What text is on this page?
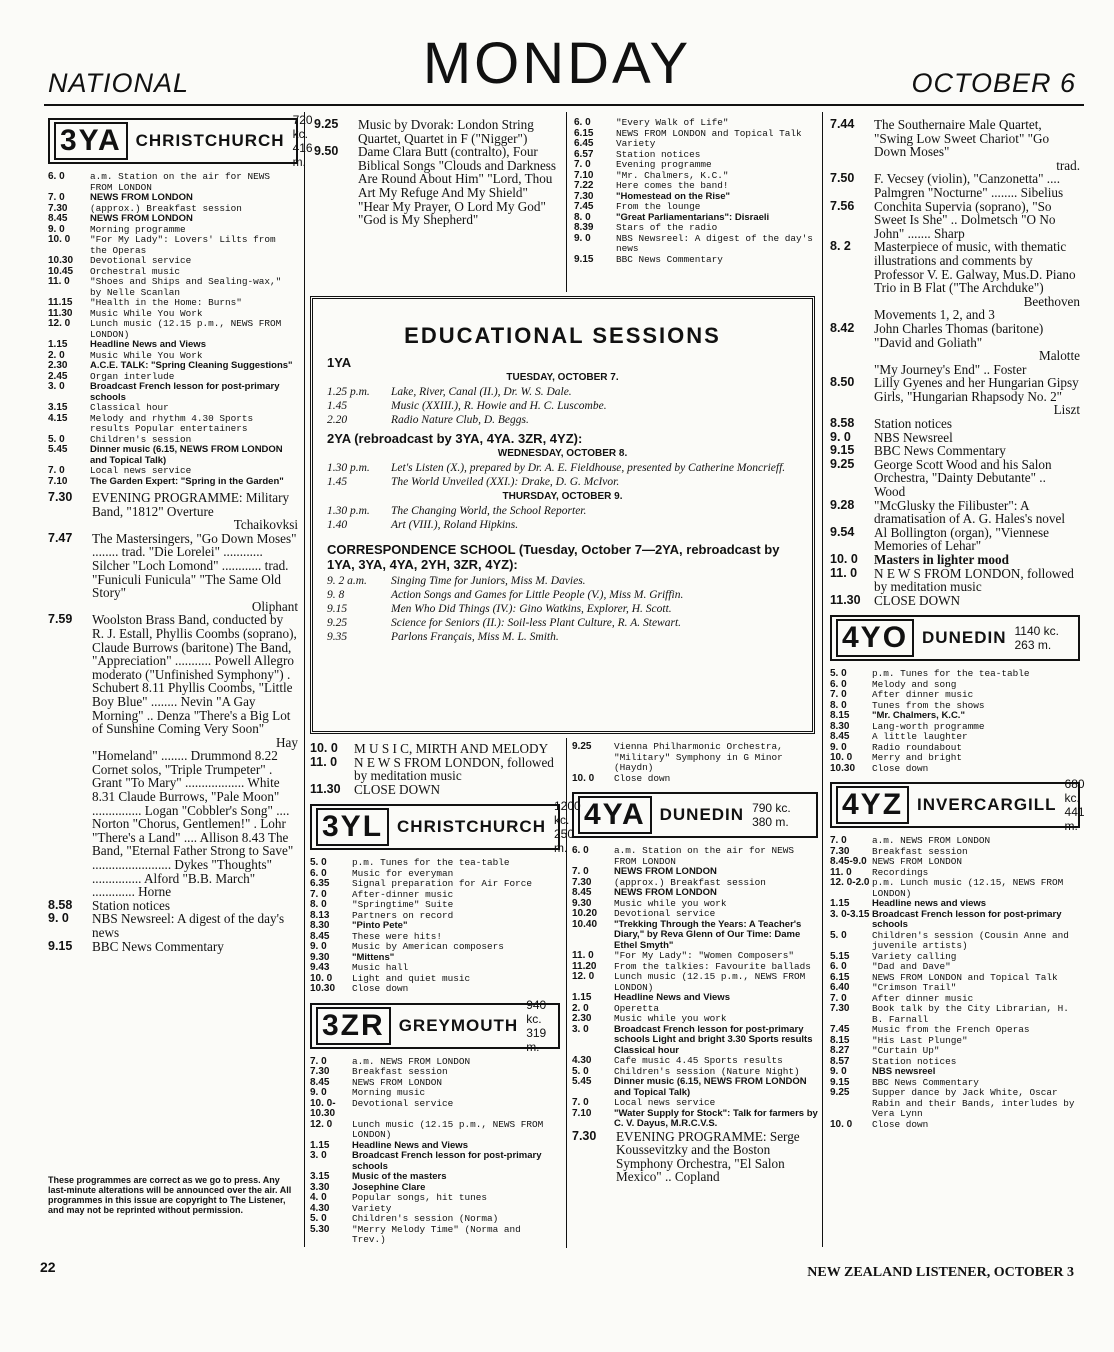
NATIONAL	MONDAY	OCTOBER 6
3YA CHRISTCHURCH
720 kc. 416 m.
6. 0	a.m. Station on the air for NEWS FROM LONDON
7. 0	NEWS FROM LONDON
7.30	(approx.) Breakfast session
8.45	NEWS FROM LONDON
9. 0	Morning programme
10. 0	"For My Lady": Lovers' Lilts from the Operas
10.30	Devotional service
10.45	Orchestral music
11. 0	"Shoes and Ships and Sealing-wax," by Nelle Scanlan
11.15	"Health in the Home: Burns"
11.30	Music While You Work
12. 0	Lunch music (12.15 p.m., NEWS FROM LONDON)
1.15	Headline News and Views
2. 0	Music While You Work
2.30	A.C.E. TALK: "Spring Cleaning Suggestions"
2.45	Organ interlude
3. 0	Broadcast French lesson for post-primary schools
3.15	Classical hour
4.15	Melody and rhythm 4.30 Sports results Popular entertainers
5. 0	Children's session
5.45	Dinner music (6.15, NEWS FROM LONDON and Topical Talk)
7. 0	Local news service
7.10	The Garden Expert: "Spring in the Garden"
7.30	EVENING PROGRAMME: Military Band, "1812" Overture
Tchaikovksi
7.47	The Mastersingers, "Go Down Moses" ........ trad. "Die Lorelei" ............ Silcher "Loch Lomond" ............ trad. "Funiculi Funicula" "The Same Old Story"
Oliphant
7.59	Woolston Brass Band, conducted by R. J. Estall, Phyllis Coombs (soprano), Claude Burrows (baritone) The Band, "Appreciation" ........... Powell Allegro moderato ("Unfinished Symphony") . Schubert 8.11 Phyllis Coombs, "Little Boy Blue" ........ Nevin "A Gay Morning" .. Denza "There's a Big Lot of Sunshine Coming Very Soon"
Hay
"Homeland" ........ Drummond 8.22 Cornet solos, "Triple Trumpeter" . Grant "To Mary" .................. White 8.31 Claude Burrows, "Pale Moon" ............... Logan "Cobbler's Song" .... Norton "Chorus, Gentlemen!" . Lohr "There's a Land" .... Allison 8.43 The Band, "Eternal Father Strong to Save" ........................ Dykes "Thoughts" ............... Alford "B.B. March" ............. Horne
8.58	Station notices
9. 0	NBS Newsreel: A digest of the day's news
9.15	BBC News Commentary
These programmes are correct as we go to press. Any last-minute alterations will be announced over the air. All programmes in this issue are copyright to The Listener, and may not be reprinted without permission.
9.25	Music by Dvorak: London String Quartet, Quartet in F ("Nigger")
9.50	Dame Clara Butt (contralto), Four Biblical Songs "Clouds and Darkness Are Round About Him" "Lord, Thou Art My Refuge And My Shield" "Hear My Prayer, O Lord My God" "God is My Shepherd"
6. 0	"Every Walk of Life"
6.15	NEWS FROM LONDON and Topical Talk
6.45	Variety
6.57	Station notices
7. 0	Evening programme
7.10	"Mr. Chalmers, K.C."
7.22	Here comes the band!
7.30	"Homestead on the Rise"
7.45	From the lounge
8. 0	"Great Parliamentarians": Disraeli
8.39	Stars of the radio
9. 0	NBS Newsreel: A digest of the day's news
9.15	BBC News Commentary
EDUCATIONAL SESSIONS
1YA
TUESDAY, OCTOBER 7.
1.25 p.m.	Lake, River, Canal (II.), Dr. W. S. Dale.
1.45	Music (XXIII.), R. Howie and H. C. Luscombe.
2.20	Radio Nature Club, D. Beggs.
2YA (rebroadcast by 3YA, 4YA. 3ZR, 4YZ):
WEDNESDAY, OCTOBER 8.
1.30 p.m.	Let's Listen (X.), prepared by Dr. A. E. Fieldhouse, presented by Catherine Moncrieff.
1.45	The World Unveiled (XXI.): Drake, D. G. McIvor.
THURSDAY, OCTOBER 9.
1.30 p.m.	The Changing World, the School Reporter.
1.40	Art (VIII.), Roland Hipkins.
CORRESPONDENCE SCHOOL (Tuesday, October 7—2YA, rebroadcast by 1YA, 3YA, 4YA, 2YH, 3ZR, 4YZ):
9. 2 a.m.	Singing Time for Juniors, Miss M. Davies.
9. 8	Action Songs and Games for Little People (V.), Miss M. Griffin.
9.15	Men Who Did Things (IV.): Gino Watkins, Explorer, H. Scott.
9.25	Science for Seniors (II.): Soil-less Plant Culture, R. A. Stewart.
9.35	Parlons Français, Miss M. L. Smith.
10. 0	M U S I C, MIRTH AND MELODY
11. 0	N E W S FROM LONDON, followed by meditation music
11.30	CLOSE DOWN
3YL CHRISTCHURCH
1200 kc. 250 m.
5. 0	p.m. Tunes for the tea-table
6. 0	Music for everyman
6.35	Signal preparation for Air Force
7. 0	After-dinner music
8. 0	"Springtime" Suite
8.13	Partners on record
8.30	"Pinto Pete"
8.45	These were hits!
9. 0	Music by American composers
9.30	"Mittens"
9.43	Music hall
10. 0	Light and quiet music
10.30	Close down
3ZR GREYMOUTH
940 kc. 319 m.
7. 0	a.m. NEWS FROM LONDON
7.30	Breakfast session
8.45	NEWS FROM LONDON
9. 0	Morning music
10. 0-10.30
Devotional service
12. 0	Lunch music (12.15 p.m., NEWS FROM LONDON)
1.15	Headline News and Views
3. 0	Broadcast French lesson for post-primary schools
3.15	Music of the masters
3.30	Josephine Clare
4. 0	Popular songs, hit tunes
4.30	Variety
5. 0	Children's session (Norma)
5.30	"Merry Melody Time" (Norma and Trev.)
9.25	Vienna Philharmonic Orchestra, "Military" Symphony in G Minor (Haydn)
10. 0	Close down
4YA DUNEDIN 790 kc. 380 m.
6. 0	a.m. Station on the air for NEWS FROM LONDON
7. 0	NEWS FROM LONDON
7.30	(approx.) Breakfast session
8.45	NEWS FROM LONDON
9.30	Music while you work
10.20	Devotional service
10.40	"Trekking Through the Years: A Teacher's Diary," by Reva Glenn of Our Time: Dame Ethel Smyth"
11. 0	"For My Lady": "Women Composers"
11.20	From the talkies: Favourite ballads
12. 0	Lunch music (12.15 p.m., NEWS FROM LONDON)
1.15	Headline News and Views
2. 0	Operetta
2.30	Music while you work
3. 0	Broadcast French lesson for post-primary schools Light and bright 3.30 Sports results Classical hour
4.30	Cafe music 4.45 Sports results
5. 0	Children's session (Nature Night)
5.45	Dinner music (6.15, NEWS FROM LONDON and Topical Talk)
7. 0	Local news service
7.10	"Water Supply for Stock": Talk for farmers by C. V. Dayus, M.R.C.V.S.
7.30	EVENING PROGRAMME: Serge Koussevitzky and the Boston Symphony Orchestra, "El Salon Mexico" .. Copland
7.44	The Southernaire Male Quartet, "Swing Low Sweet Chariot" "Go Down Moses"
trad.
7.50	F. Vecsey (violin), "Canzonetta" .... Palmgren "Nocturne" ........ Sibelius
7.56	Conchita Supervia (soprano), "So Sweet Is She" .. Dolmetsch "O No John" ....... Sharp
8. 2	Masterpiece of music, with thematic illustrations and comments by Professor V. E. Galway, Mus.D. Piano Trio in B Flat ("The Archduke")
Beethoven
Movements 1, 2, and 3
8.42	John Charles Thomas (baritone) "David and Goliath"
Malotte
"My Journey's End" .. Foster
8.50	Lilly Gyenes and her Hungarian Gipsy Girls, "Hungarian Rhapsody No. 2"
Liszt
8.58	Station notices
9. 0	NBS Newsreel
9.15	BBC News Commentary
9.25	George Scott Wood and his Salon Orchestra, "Dainty Debutante" .. Wood
9.28	"McGlusky the Filibuster": A dramatisation of A. G. Hales's novel
9.54	Al Bollington (organ), "Viennese Memories of Lehar"
10. 0	Masters in lighter mood
11. 0	N E W S FROM LONDON, followed by meditation music
11.30	CLOSE DOWN
4YO DUNEDIN 1140 kc. 263 m.
5. 0	p.m. Tunes for the tea-table
6. 0	Melody and song
7. 0	After dinner music
8. 0	Tunes from the shows
8.15	"Mr. Chalmers, K.C."
8.30	Lang-worth programme
8.45	A little laughter
9. 0	Radio roundabout
10. 0	Merry and bright
10.30	Close down
4YZ INVERCARGILL
680 kc. 441 m.
7. 0	a.m. NEWS FROM LONDON
7.30	Breakfast session
8.45-9.0 NEWS FROM LONDON
11. 0	Recordings
12. 0-2.0 p.m. Lunch music (12.15, NEWS FROM LONDON)
1.15	Headline news and views
3. 0-3.15 Broadcast French lesson for post-primary schools
5. 0	Children's session (Cousin Anne and juvenile artists)
5.15	Variety calling
6. 0	"Dad and Dave"
6.15	NEWS FROM LONDON and Topical Talk
6.40	"Crimson Trail"
7. 0	After dinner music
7.30	Book talk by the City Librarian, H. B. Farnall
7.45	Music from the French Operas
8.15	"His Last Plunge"
8.27	"Curtain Up"
8.57	Station notices
9. 0	NBS newsreel
9.15	BBC News Commentary
9.25	Supper dance by Jack White, Oscar Rabin and their Bands, interludes by Vera Lynn
10. 0	Close down
22	NEW ZEALAND LISTENER, OCTOBER 3
